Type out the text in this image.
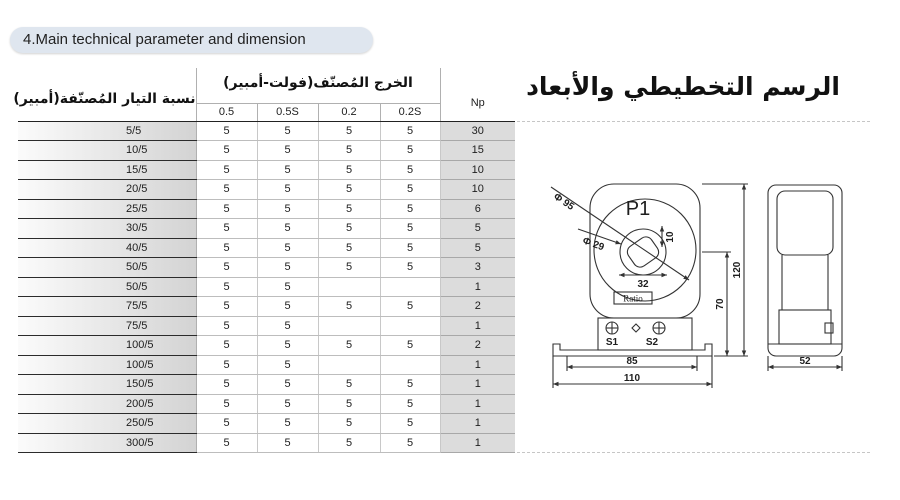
4.Main technical parameter and dimension
نسبة التيار المُصنّفة(أمبير)	الخرج المُصنّف(فولت-أمبير)				Np
	0.5	0.5S	0.2	0.2S	
5/5	5	5	5	5	30
10/5	5	5	5	5	15
15/5	5	5	5	5	10
20/5	5	5	5	5	10
25/5	5	5	5	5	6
30/5	5	5	5	5	5
40/5	5	5	5	5	5
50/5	5	5	5	5	3
50/5	5	5			1
75/5	5	5	5	5	2
75/5	5	5			1
100/5	5	5	5	5	2
100/5	5	5			1
150/5	5	5	5	5	1
200/5	5	5	5	5	1
250/5	5	5	5	5	1
300/5	5	5	5	5	1
الرسم التخطيطي والأبعاد
P1
Φ 95
Φ 29	10
32
Ratio
S1	S2
85
110
70
120
52
